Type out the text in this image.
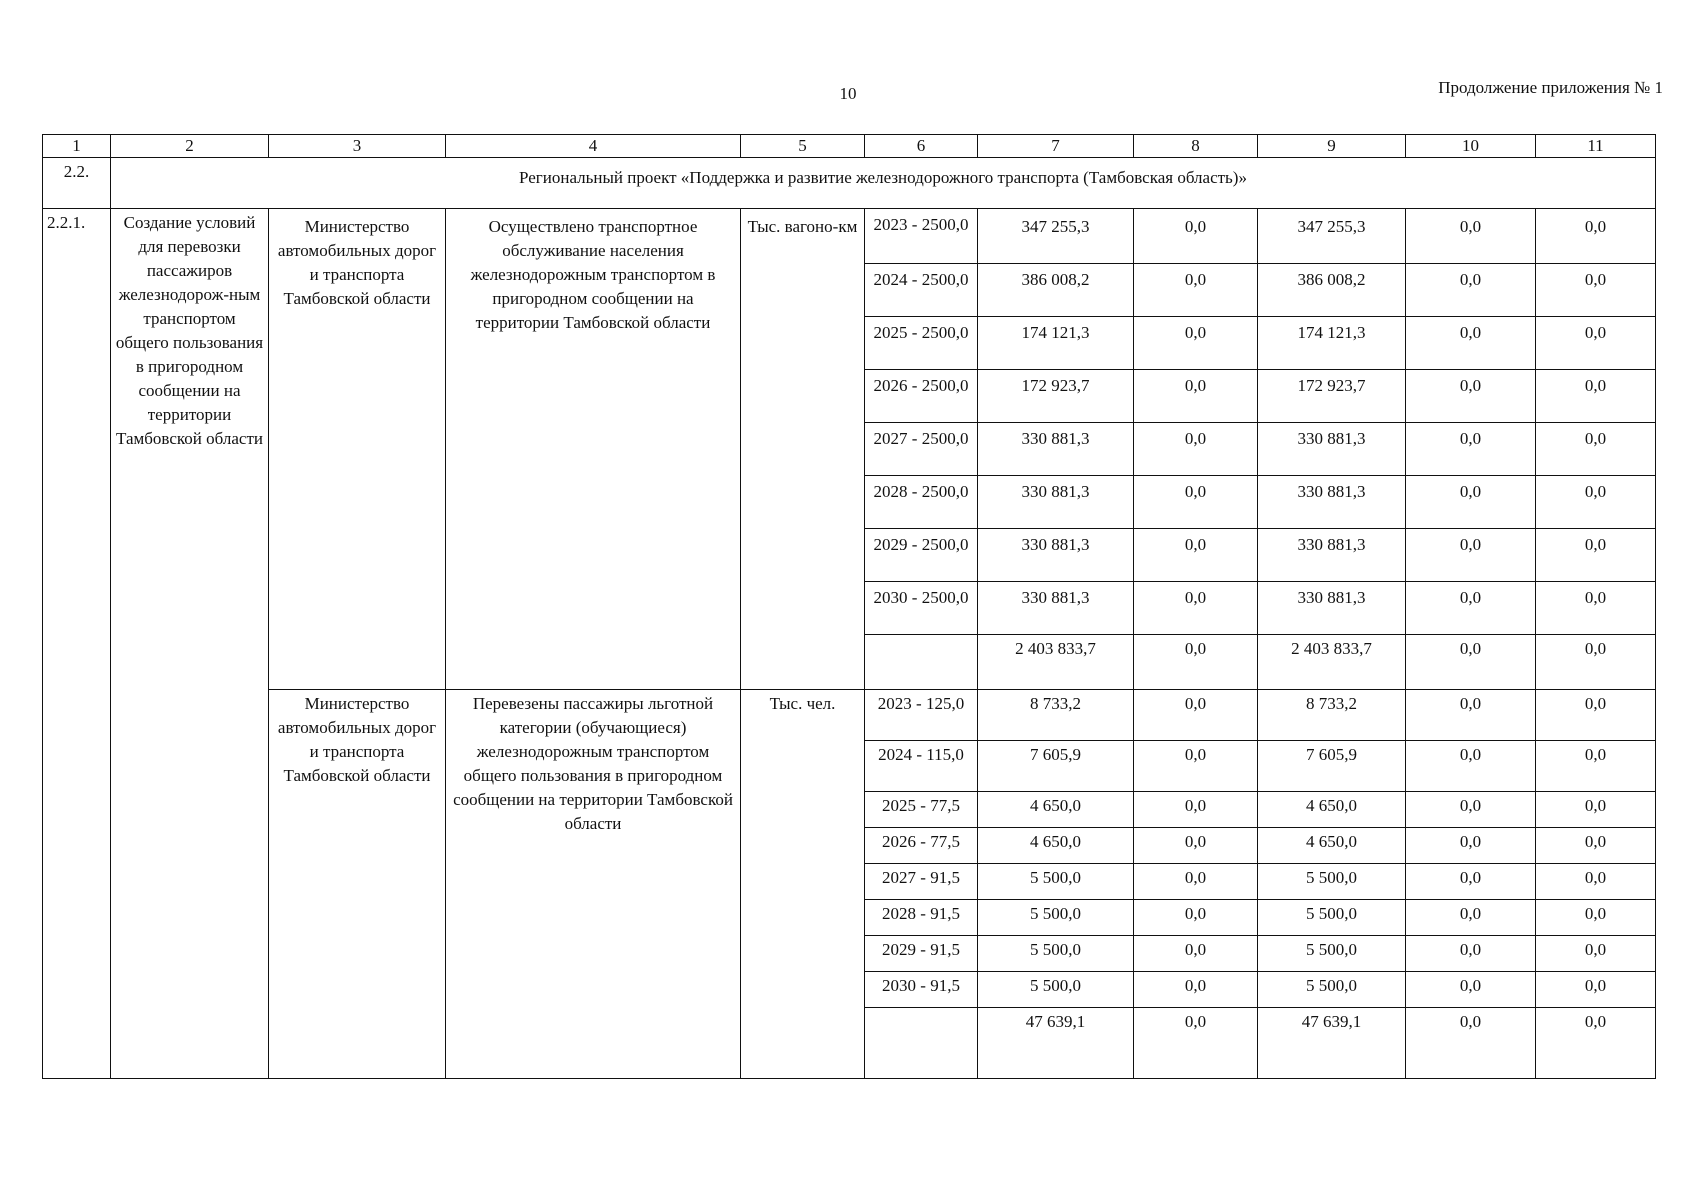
10	Продолжение приложения № 1
1	2	3	4	5	6	7	8	9	10	11
2.2.	Региональный проект «Поддержка и развитие железнодорожного транспорта (Тамбовская область)»									
2.2.1.	Создание условий для перевозки пассажиров железнодорож-ным транспортом общего пользования в пригородном сообщении на территории Тамбовской области	Министерство автомобильных дорог и транспорта Тамбовской области	Осуществлено транспортное обслуживание населения железнодорожным транспортом в пригородном сообщении на территории Тамбовской области	Тыс. вагоно-км	2023 - 2500,0	347 255,3	0,0	347 255,3	0,0	0,0
					2024 - 2500,0	386 008,2	0,0	386 008,2	0,0	0,0
					2025 - 2500,0	174 121,3	0,0	174 121,3	0,0	0,0
					2026 - 2500,0	172 923,7	0,0	172 923,7	0,0	0,0
					2027 - 2500,0	330 881,3	0,0	330 881,3	0,0	0,0
					2028 - 2500,0	330 881,3	0,0	330 881,3	0,0	0,0
					2029 - 2500,0	330 881,3	0,0	330 881,3	0,0	0,0
					2030 - 2500,0	330 881,3	0,0	330 881,3	0,0	0,0
						2 403 833,7	0,0	2 403 833,7	0,0	0,0
		Министерство автомобильных дорог и транспорта Тамбовской области	Перевезены пассажиры льготной категории (обучающиеся) железнодорожным транспортом общего пользования в пригородном сообщении на территории Тамбовской области	Тыс. чел.	2023 - 125,0	8 733,2	0,0	8 733,2	0,0	0,0
					2024 - 115,0	7 605,9	0,0	7 605,9	0,0	0,0
					2025 - 77,5	4 650,0	0,0	4 650,0	0,0	0,0
					2026 - 77,5	4 650,0	0,0	4 650,0	0,0	0,0
					2027 - 91,5	5 500,0	0,0	5 500,0	0,0	0,0
					2028 - 91,5	5 500,0	0,0	5 500,0	0,0	0,0
					2029 - 91,5	5 500,0	0,0	5 500,0	0,0	0,0
					2030 - 91,5	5 500,0	0,0	5 500,0	0,0	0,0
						47 639,1	0,0	47 639,1	0,0	0,0
